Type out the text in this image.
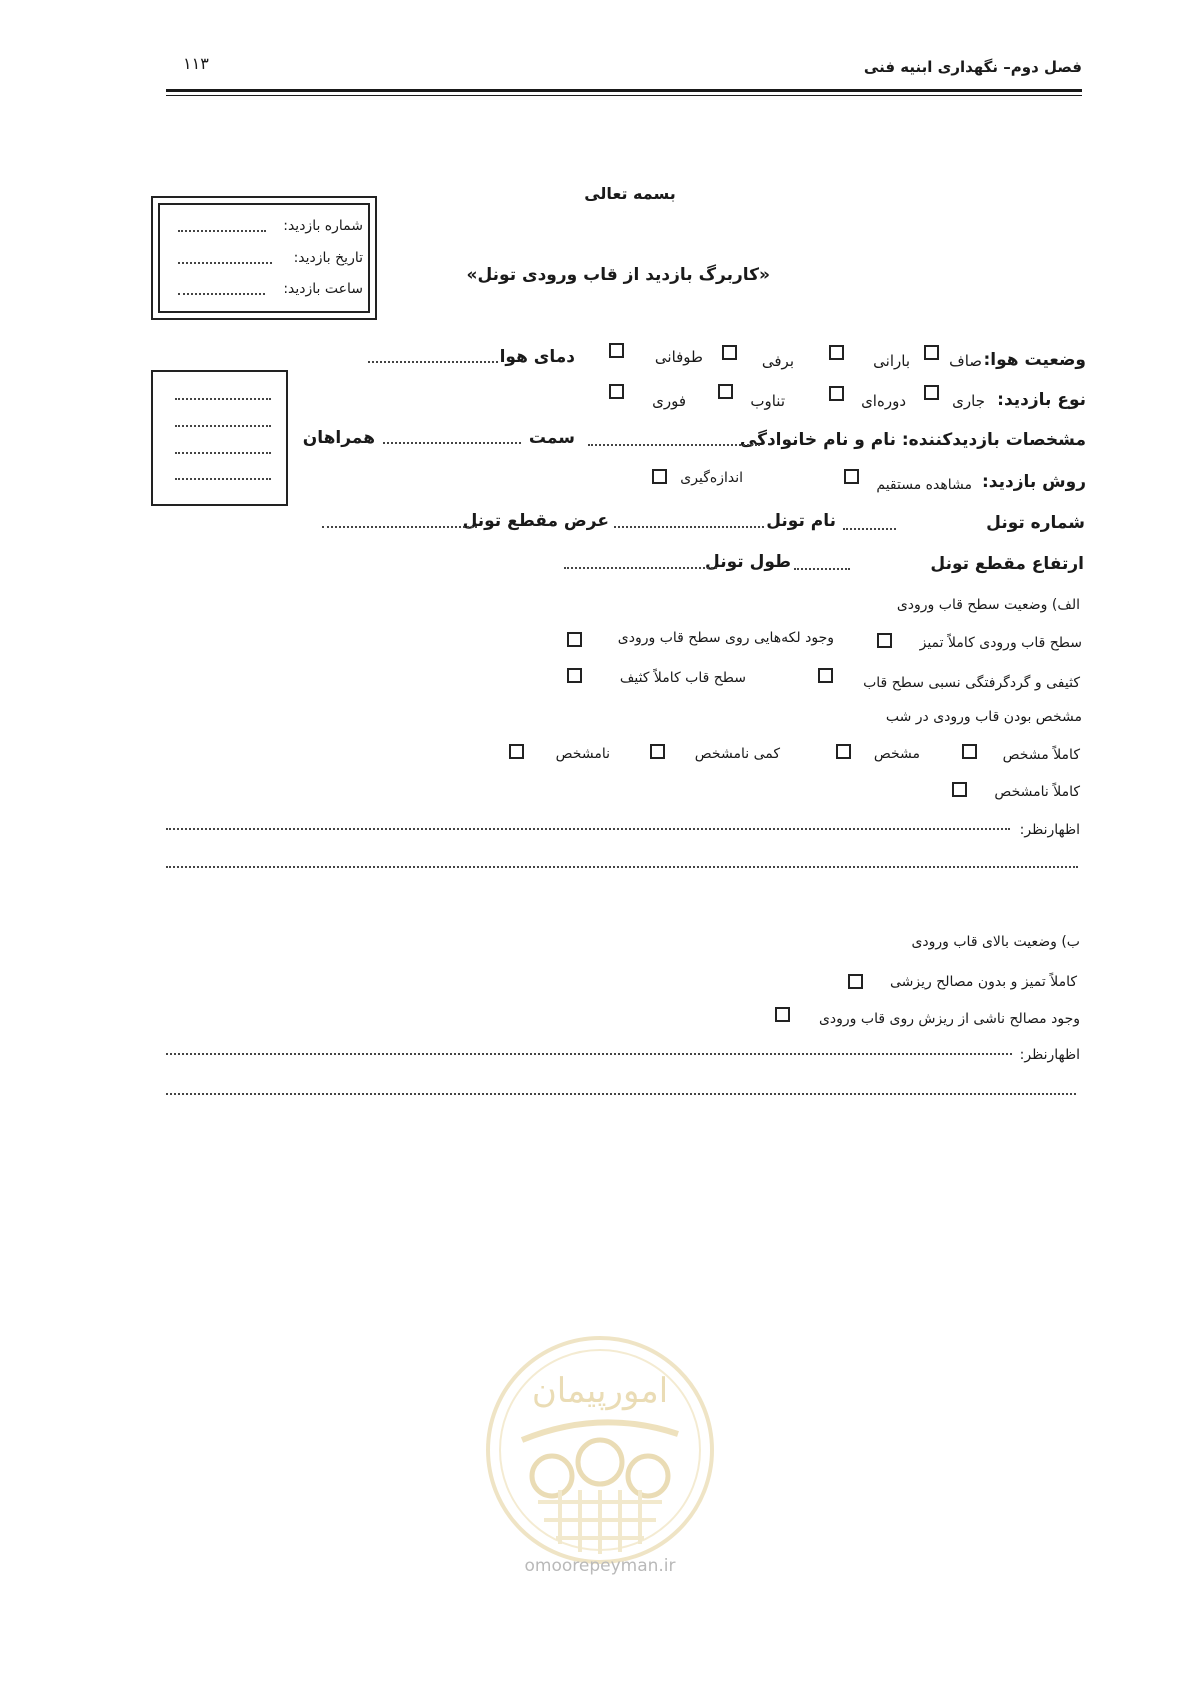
فصل دوم– نگهداری ابنیه فنی
۱۱۳
بسمه تعالی
«کاربرگ بازدید از قاب ورودی تونل»
شماره بازدید:
تاریخ بازدید:
ساعت بازدید:
وضعیت هوا:
صاف
بارانی
برفی
طوفانی
دمای هوا
نوع بازدید:
جاری
دوره‌ای
تناوب
فوری
مشخصات بازدیدکننده: نام و نام خانوادگی
سمت
همراهان
روش بازدید:
مشاهده مستقیم
اندازه‌گیری
شماره تونل
نام تونل
عرض مقطع تونل
ارتفاع مقطع تونل
طول تونل
الف) وضعیت سطح قاب ورودی
سطح قاب ورودی کاملاً تمیز
وجود لکه‌هایی روی سطح قاب ورودی
کثیفی و گردگرفتگی نسبی سطح قاب
سطح قاب کاملاً کثیف
مشخص بودن قاب ورودی در شب
کاملاً مشخص
مشخص
کمی نامشخص
نامشخص
کاملاً نامشخص
اظهارنظر:
ب) وضعیت بالای قاب ورودی
کاملاً تمیز و بدون مصالح ریزشی
وجود مصالح ناشی از ریزش روی قاب ورودی
اظهارنظر:
امورپیمان
omoorepeyman.ir
